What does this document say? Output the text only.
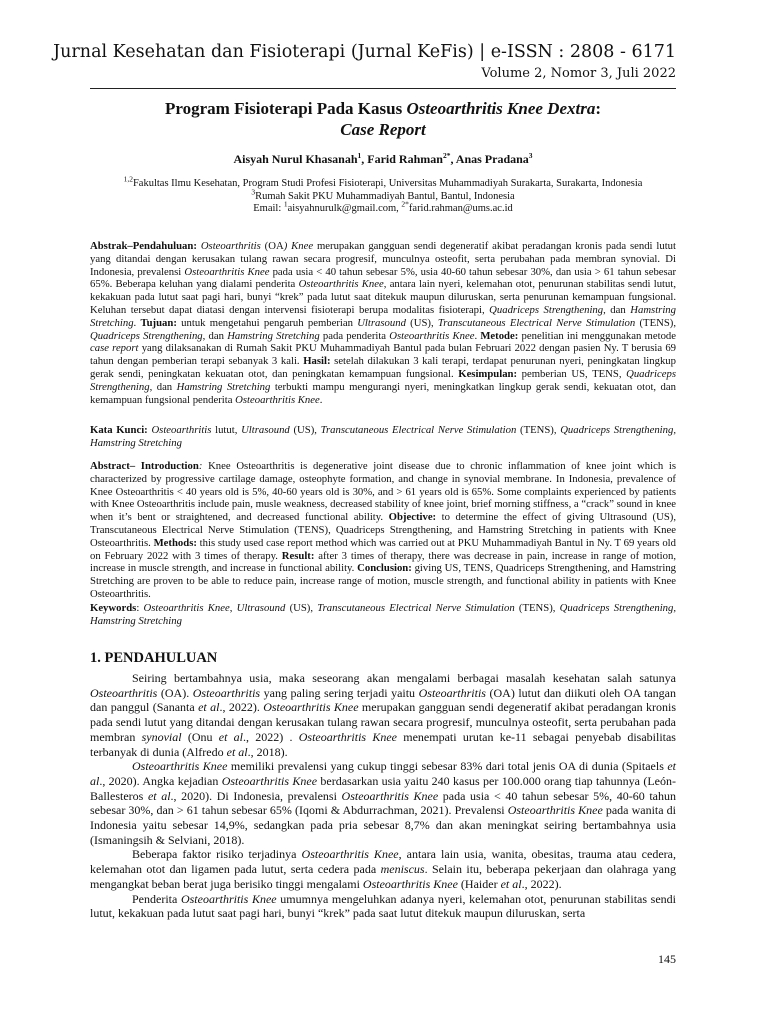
Jurnal Kesehatan dan Fisioterapi (Jurnal KeFis) | e-ISSN : 2808 - 6171
Volume 2, Nomor 3, Juli 2022
Program Fisioterapi Pada Kasus Osteoarthritis Knee Dextra:
Case Report
Aisyah Nurul Khasanah$^1$, Farid Rahman$^{2*}$, Anas Pradana$^3$
$^{1,2}$Fakultas Ilmu Kesehatan, Program Studi Profesi Fisioterapi, Universitas Muhammadiyah Surakarta, Surakarta, Indonesia
$^3$Rumah Sakit PKU Muhammadiyah Bantul, Bantul, Indonesia
Email: $^1$aisyahnurulk@gmail.com, $^{2*}$farid.rahman@ums.ac.id
Abstrak–Pendahuluan: Osteoarthritis (OA) Knee merupakan gangguan sendi degeneratif akibat peradangan kronis pada sendi lutut yang ditandai dengan kerusakan tulang rawan secara progresif, munculnya osteofit, serta perubahan pada membran synovial. Di Indonesia, prevalensi Osteoarthritis Knee pada usia < 40 tahun sebesar 5%, usia 40-60 tahun sebesar 30%, dan usia > 61 tahun sebesar 65%. Beberapa keluhan yang dialami penderita Osteoarthritis Knee, antara lain nyeri, kelemahan otot, penurunan stabilitas sendi lutut, kekakuan pada lutut saat pagi hari, bunyi “krek” pada lutut saat ditekuk maupun diluruskan, serta penurunan kemampuan fungsional. Keluhan tersebut dapat diatasi dengan intervensi fisioterapi berupa modalitas fisioterapi, Quadriceps Strengthening, dan Hamstring Stretching. Tujuan: untuk mengetahui pengaruh pemberian Ultrasound (US), Transcutaneous Electrical Nerve Stimulation (TENS), Quadriceps Strengthening, dan Hamstring Stretching pada penderita Osteoarthritis Knee. Metode: penelitian ini menggunakan metode case report yang dilaksanakan di Rumah Sakit PKU Muhammadiyah Bantul pada bulan Februari 2022 dengan pasien Ny. T berusia 69 tahun dengan pemberian terapi sebanyak 3 kali. Hasil: setelah dilakukan 3 kali terapi, terdapat penurunan nyeri, peningkatan lingkup gerak sendi, peningkatan kekuatan otot, dan peningkatan kemampuan fungsional. Kesimpulan: pemberian US, TENS, Quadriceps Strengthening, dan Hamstring Stretching terbukti mampu mengurangi nyeri, meningkatkan lingkup gerak sendi, kekuatan otot, dan kemampuan fungsional penderita Osteoarthritis Knee.
Kata Kunci: Osteoarthritis lutut, Ultrasound (US), Transcutaneous Electrical Nerve Stimulation (TENS), Quadriceps Strengthening, Hamstring Stretching
Abstract– Introduction: Knee Osteoarthritis is degenerative joint disease due to chronic inflammation of knee joint which is characterized by progressive cartilage damage, osteophyte formation, and change in synovial membrane. In Indonesia, prevalence of Knee Osteoarthritis < 40 years old is 5%, 40-60 years old is 30%, and > 61 years old is 65%. Some complaints experienced by patients with Knee Osteoarthritis include pain, musle weakness, decreased stability of knee joint, brief morning stiffness, a “crack” sound in knee when it’s bent or straightened, and decreased functional ability. Objective: to determine the effect of giving Ultrasound (US), Transcutaneous Electrical Nerve Stimulation (TENS), Quadriceps Strengthening, and Hamstring Stretching in patients with Knee Osteoarthritis. Methods: this study used case report method which was carried out at PKU Muhammadiyah Bantul in Ny. T 69 years old on February 2022 with 3 times of therapy. Result: after 3 times of therapy, there was decrease in pain, increase in range of motion, increase in muscle strength, and increase in functional ability. Conclusion: giving US, TENS, Quadriceps Strengthening, and Hamstring Stretching are proven to be able to reduce pain, increase range of motion, muscle strength, and functional ability in patients with Knee Osteoarthritis.
Keywords: Osteoarthritis Knee, Ultrasound (US), Transcutaneous Electrical Nerve Stimulation (TENS), Quadriceps Strengthening, Hamstring Stretching
1. PENDAHULUAN

Seiring bertambahnya usia, maka seseorang akan mengalami berbagai masalah kesehatan salah satunya Osteoarthritis (OA). Osteoarthritis yang paling sering terjadi yaitu Osteoarthritis (OA) lutut dan diikuti oleh OA tangan dan panggul (Sananta et al., 2022). Osteoarthritis Knee merupakan gangguan sendi degeneratif akibat peradangan kronis pada sendi lutut yang ditandai dengan kerusakan tulang rawan secara progresif, munculnya osteofit, serta perubahan pada membran synovial (Onu et al., 2022) . Osteoarthritis Knee menempati urutan ke-11 sebagai penyebab disabilitas terbanyak di dunia (Alfredo et al., 2018).

Osteoarthritis Knee memiliki prevalensi yang cukup tinggi sebesar 83% dari total jenis OA di dunia (Spitaels et al., 2020). Angka kejadian Osteoarthritis Knee berdasarkan usia yaitu 240 kasus per 100.000 orang tiap tahunnya (León-Ballesteros et al., 2020). Di Indonesia, prevalensi Osteoarthritis Knee pada usia < 40 tahun sebesar 5%, 40-60 tahun sebesar 30%, dan > 61 tahun sebesar 65% (Iqomi & Abdurrachman, 2021). Prevalensi Osteoarthritis Knee pada wanita di Indonesia yaitu sebesar 14,9%, sedangkan pada pria sebesar 8,7% dan akan meningkat seiring bertambahnya usia (Ismaningsih & Selviani, 2018).

Beberapa faktor risiko terjadinya Osteoarthritis Knee, antara lain usia, wanita, obesitas, trauma atau cedera, kelemahan otot dan ligamen pada lutut, serta cedera pada meniscus. Selain itu, beberapa pekerjaan dan olahraga yang mengangkat beban berat juga berisiko tinggi mengalami Osteoarthritis Knee (Haider et al., 2022).

Penderita Osteoarthritis Knee umumnya mengeluhkan adanya nyeri, kelemahan otot, penurunan stabilitas sendi lutut, kekakuan pada lutut saat pagi hari, bunyi “krek” pada saat lutut ditekuk maupun diluruskan, serta

145
